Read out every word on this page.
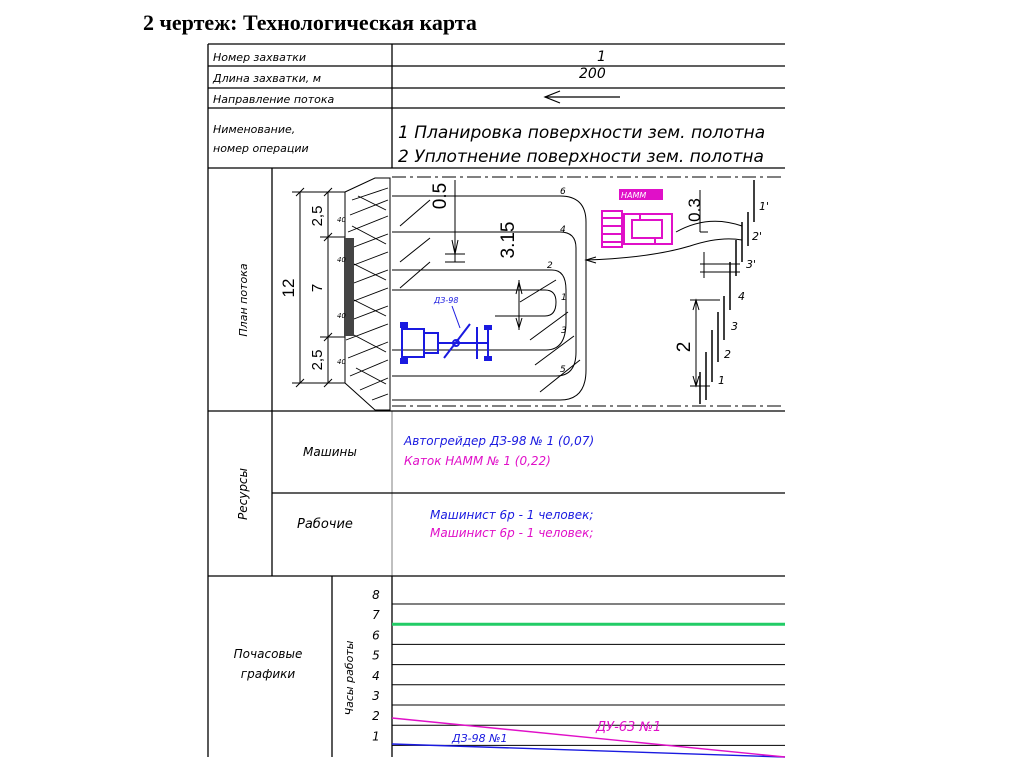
2 чертеж: Технологическая карта
Номер захватки	1
Длина захватки, м	200
Направление потока
Нименование,
номер операции
1 Планировка поверхности зем. полотна
2 Уплотнение поверхности зем. полотна
План потока 12
2,5
7
2,5
40
40
40
40
6
4
2
1
3
5
0.5
3.15
ДЗ-98
НАММ
0.3
2
1'
2'
3'
4
3
2
1
Ресурсы
Машины
Автогрейдер ДЗ-98 № 1 (0,07)
Каток НАММ № 1 (0,22)
Рабочие
Машинист 6р - 1 человек;
Машинист 6р - 1 человек;
Почасовые
графики	Часы работы
8
7
6
5
4
3
2
1	ДЗ-98 №1
ДУ-63 №1
